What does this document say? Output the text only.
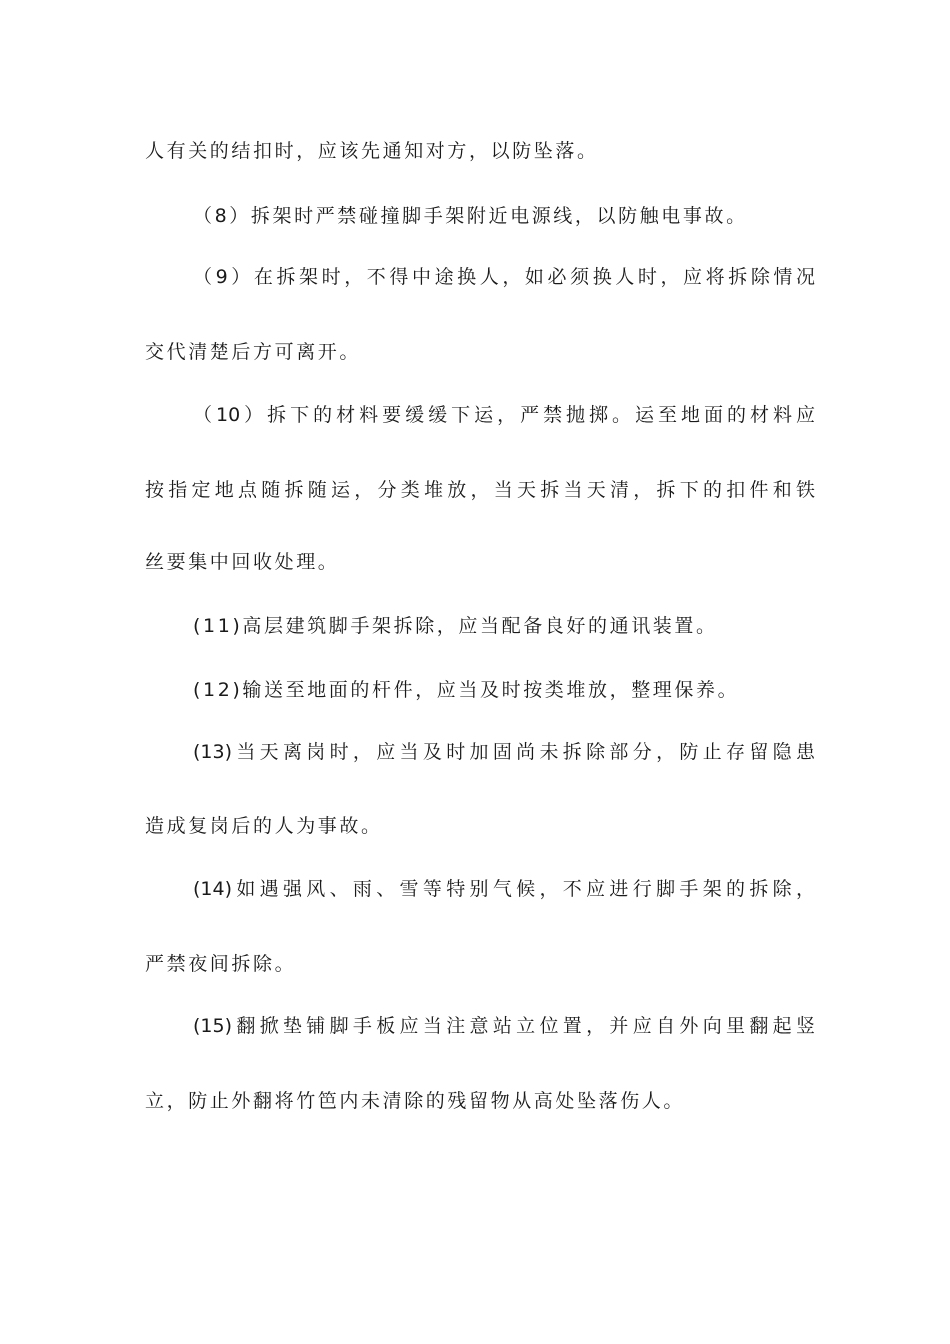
人有关的结扣时，应该先通知对方，以防坠落。
（8）拆架时严禁碰撞脚手架附近电源线，以防触电事故。
（9）在拆架时，不得中途换人，如必须换人时，应将拆除情况
交代清楚后方可离开。
（10）拆下的材料要缓缓下运，严禁抛掷。运至地面的材料应
按指定地点随拆随运，分类堆放，当天拆当天清，拆下的扣件和铁
丝要集中回收处理。
(11)高层建筑脚手架拆除，应当配备良好的通讯装置。
(12)输送至地面的杆件，应当及时按类堆放，整理保养。
(13)当天离岗时，应当及时加固尚未拆除部分，防止存留隐患
造成复岗后的人为事故。
(14)如遇强风、雨、雪等特别气候，不应进行脚手架的拆除，
严禁夜间拆除。
(15)翻掀垫铺脚手板应当注意站立位置，并应自外向里翻起竖
立，防止外翻将竹笆内未清除的残留物从高处坠落伤人。
